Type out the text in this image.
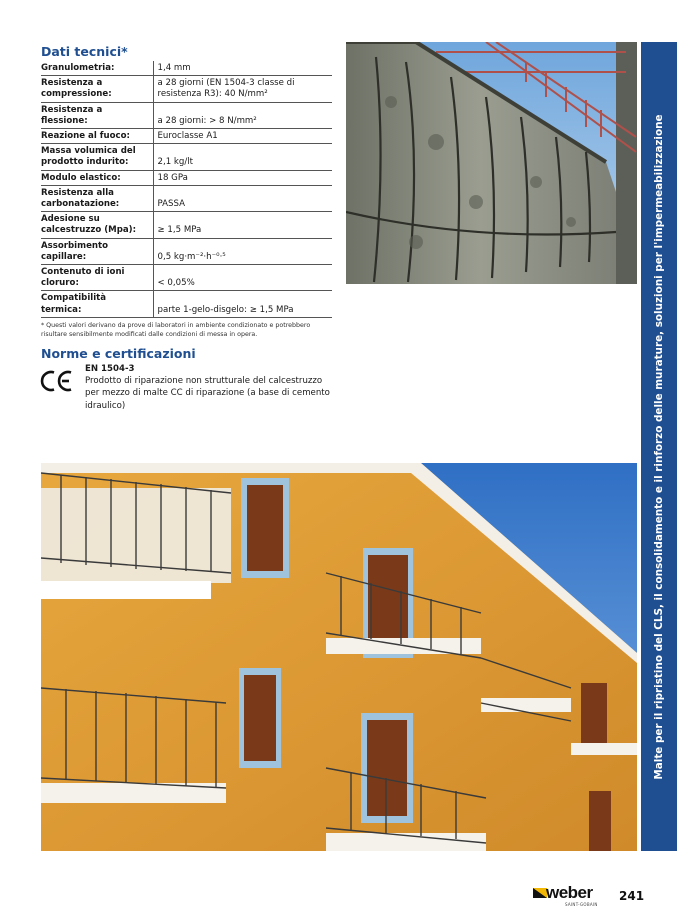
Dati tecnici*
Granulometria:	1,4 mm
Resistenza a compressione:	a 28 giorni (EN 1504-3 classe di resistenza R3): 40 N/mm²
Resistenza a flessione:	a 28 giorni: > 8 N/mm²
Reazione al fuoco:	Euroclasse A1
Massa volumica del prodotto indurito:	2,1 kg/lt
Modulo elastico:	18 GPa
Resistenza alla carbonatazione:	PASSA
Adesione su calcestruzzo (Mpa):	≥ 1,5 MPa
Assorbimento capillare:	0,5 kg·m⁻²·h⁻⁰·⁵
Contenuto di ioni cloruro:	< 0,05%
Compatibilità termica:	parte 1-gelo-disgelo: ≥ 1,5 MPa
* Questi valori derivano da prove di laboratori in ambiente condizionato e potrebbero risultare sensibilmente modificati dalle condizioni di messa in opera.
Norme e certificazioni
EN 1504-3
Prodotto di riparazione non strutturale del calcestruzzo per mezzo di malte CC di riparazione (a base di cemento idraulico)	Malte per il ripristino del CLS, il consolidamento e il rinforzo delle murature, soluzioni per l'impermeabilizzazione
weber
SAINT-GOBAIN
241
